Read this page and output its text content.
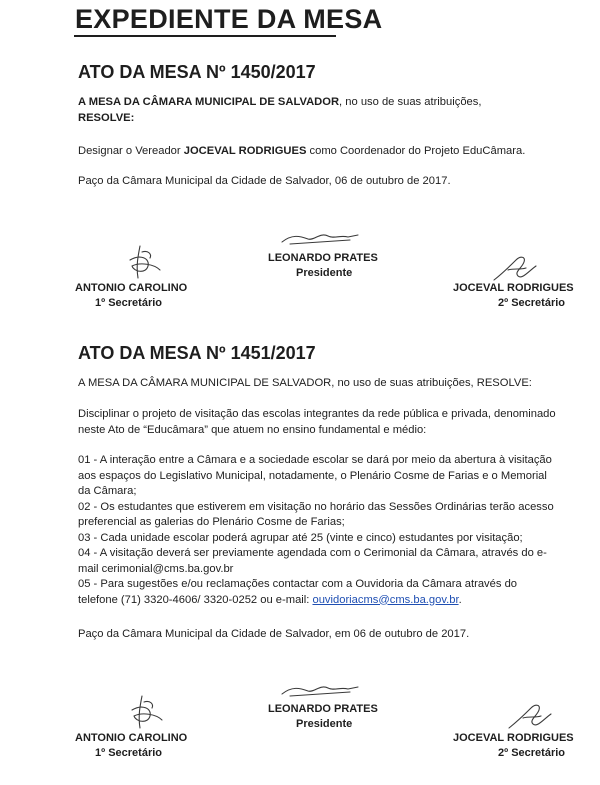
EXPEDIENTE DA MESA
ATO DA MESA Nº 1450/2017
A MESA DA CÂMARA MUNICIPAL DE SALVADOR, no uso de suas atribuições,
RESOLVE:
Designar o Vereador JOCEVAL RODRIGUES como Coordenador do Projeto EduCâmara.
Paço da Câmara Municipal da Cidade de Salvador, 06 de outubro de 2017.
LEONARDO PRATES
Presidente
ANTONIO CAROLINO
1º Secretário
JOCEVAL RODRIGUES
2º Secretário
ATO DA MESA Nº 1451/2017
A MESA DA CÂMARA MUNICIPAL DE SALVADOR, no uso de suas atribuições, RESOLVE:
Disciplinar o projeto de visitação das escolas integrantes da rede pública e privada, denominado neste Ato de “Educâmara” que atuem no ensino fundamental e médio:
01 - A interação entre a Câmara e a sociedade escolar se dará por meio da abertura à visitação aos espaços do Legislativo Municipal, notadamente, o Plenário Cosme de Farias e o Memorial da Câmara;
02 - Os estudantes que estiverem em visitação no horário das Sessões Ordinárias terão acesso preferencial as galerias do Plenário Cosme de Farias;
03 - Cada unidade escolar poderá agrupar até 25 (vinte e cinco) estudantes por visitação;
04 - A visitação deverá ser previamente agendada com o Cerimonial da Câmara, através do e-mail cerimonial@cms.ba.gov.br
05 - Para sugestões e/ou reclamações contactar com a Ouvidoria da Câmara através do telefone (71) 3320-4606/ 3320-0252 ou e-mail: ouvidoriacms@cms.ba.gov.br.
Paço da Câmara Municipal da Cidade de Salvador, em 06 de outubro de 2017.
LEONARDO PRATES
Presidente
ANTONIO CAROLINO
1º Secretário
JOCEVAL RODRIGUES
2º Secretário
